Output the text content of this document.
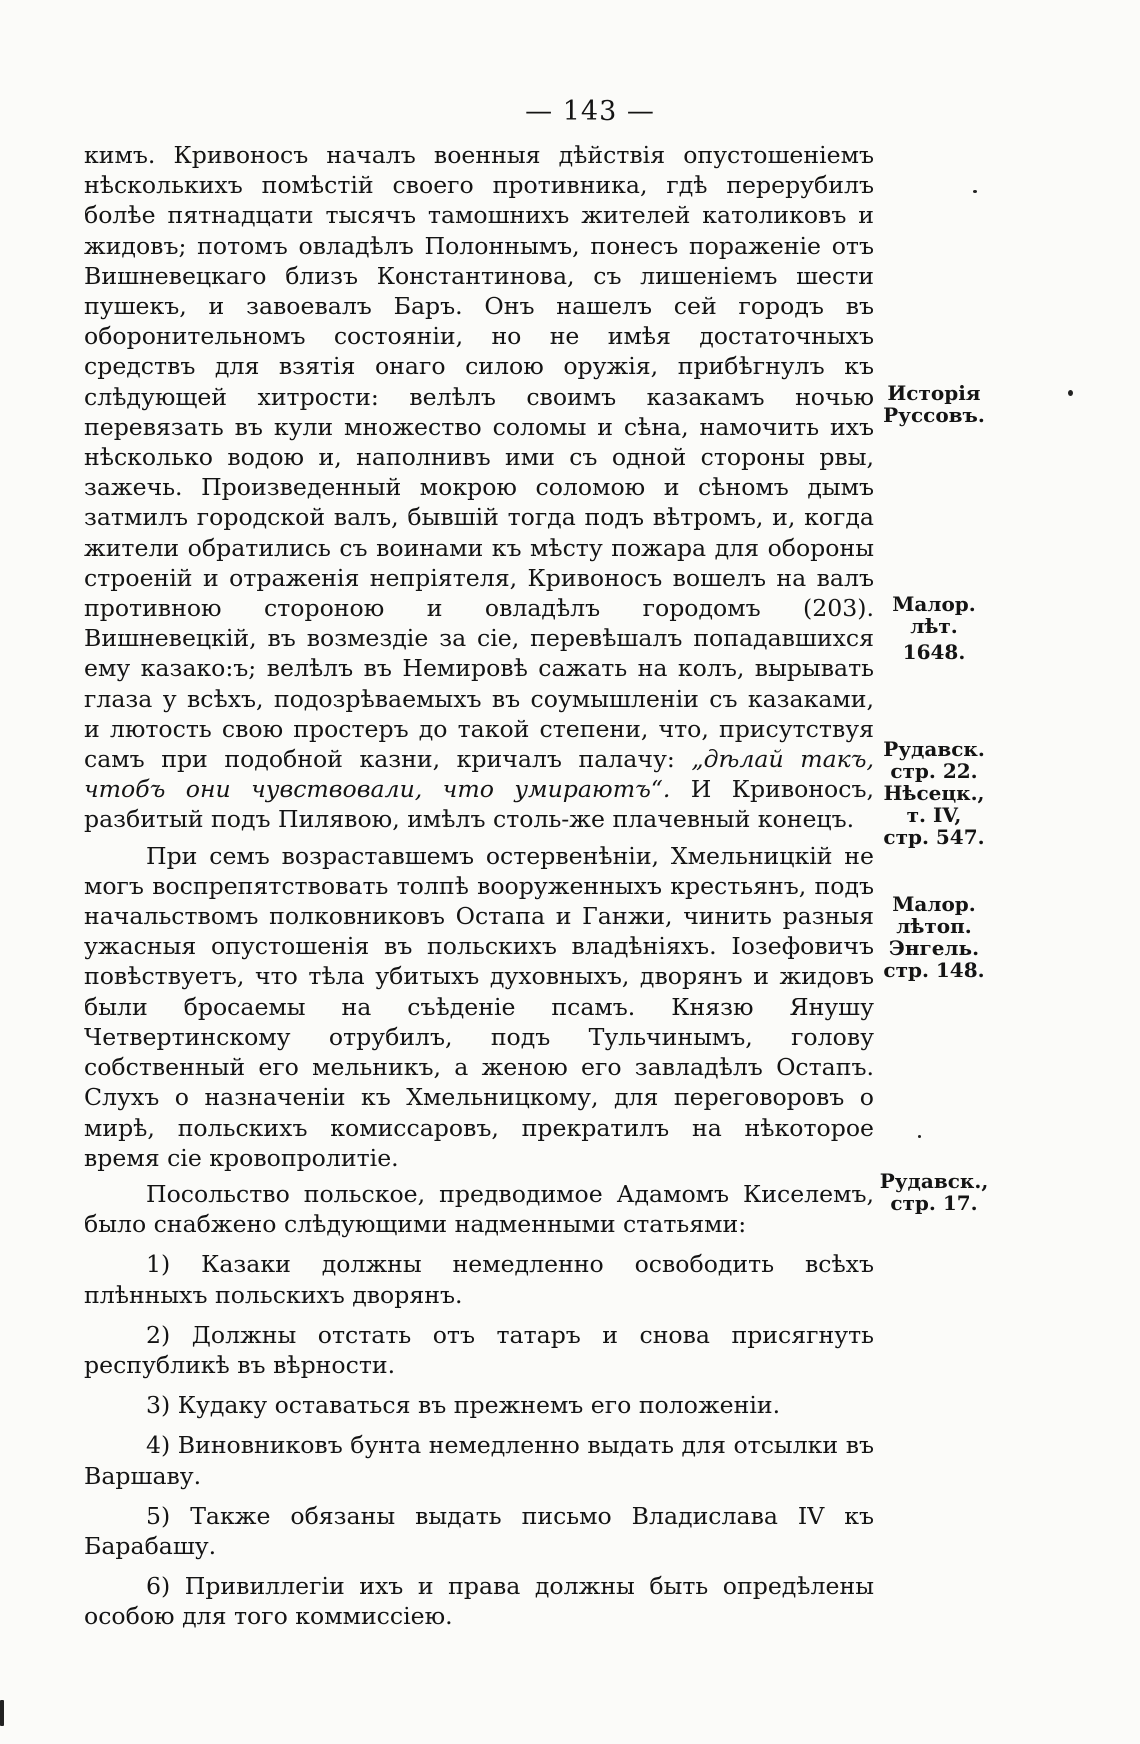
— 143 —

кимъ. Кривоносъ началъ военныя дѣйствія опустошеніемъ нѣсколькихъ помѣстій своего противника, гдѣ перерубилъ болѣе пятнадцати тысячъ тамошнихъ жителей католиковъ и жидовъ; потомъ овладѣлъ Полоннымъ, понесъ пораженіе отъ Вишневецкаго близъ Константинова, съ лишеніемъ шести пушекъ, и завоевалъ Баръ. Онъ нашелъ сей городъ въ оборонительномъ состояніи, но не имѣя достаточныхъ средствъ для взятія онаго силою оружія, прибѣгнулъ къ слѣдующей хитрости: велѣлъ своимъ казакамъ ночью перевязать въ кули множество соломы и сѣна, намочить ихъ нѣсколько водою и, наполнивъ ими съ одной стороны рвы, зажечь. Произведенный мокрою соломою и сѣномъ дымъ затмилъ городской валъ, бывшій тогда подъ вѣтромъ, и, когда жители обратились съ воинами къ мѣсту пожара для обороны строеній и отраженія непріятеля, Кривоносъ вошелъ на валъ противною стороною и овладѣлъ городомъ (203). Вишневецкій, въ возмездіе за сіе, перевѣшалъ попадавшихся ему казако:ъ; велѣлъ въ Немировѣ сажать на колъ, вырывать глаза у всѣхъ, подозрѣваемыхъ въ соумышленіи съ казаками, и лютость свою простеръ до такой степени, что, присутствуя самъ при подобной казни, кричалъ палачу: „дѣлай такъ, чтобъ они чувствовали, что умираютъ“. И Кривоносъ, разбитый подъ Пилявою, имѣлъ столь-же плачевный конецъ.

При семъ возраставшемъ остервенѣніи, Хмельницкій не могъ воспрепятствовать толпѣ вооруженныхъ крестьянъ, подъ начальствомъ полковниковъ Остапа и Ганжи, чинить разныя ужасныя опустошенія въ польскихъ владѣніяхъ. Іозефовичъ повѣствуетъ, что тѣла убитыхъ духовныхъ, дворянъ и жидовъ были бросаемы на съѣденіе псамъ. Князю Янушу Четвертинскому отрубилъ, подъ Тульчинымъ, голову собственный его мельникъ, а женою его завладѣлъ Остапъ. Слухъ о назначеніи къ Хмельницкому, для переговоровъ о мирѣ, польскихъ комиссаровъ, прекратилъ на нѣкоторое время сіе кровопролитіе.

Посольство польское, предводимое Адамомъ Киселемъ, было снабжено слѣдующими надменными статьями:

1) Казаки должны немедленно освободить всѣхъ плѣнныхъ польскихъ дворянъ.

2) Должны отстать отъ татаръ и снова присягнуть республикѣ въ вѣрности.

3) Кудаку оставаться въ прежнемъ его положеніи.

4) Виновниковъ бунта немедленно выдать для отсылки въ Варшаву.

5) Также обязаны выдать письмо Владислава IV къ Барабашу.

6) Привиллегіи ихъ и права должны быть опредѣлены особою для того коммиссіею.

Исторія
Руссовъ.
Малор.
лѣт.
1648.
Рудавск.
стр. 22.
Нѣсецк.,
т. IV,
стр. 547.
Малор.
лѣтоп.
Энгель.
стр. 148.
Рудавск.,
стр. 17.
